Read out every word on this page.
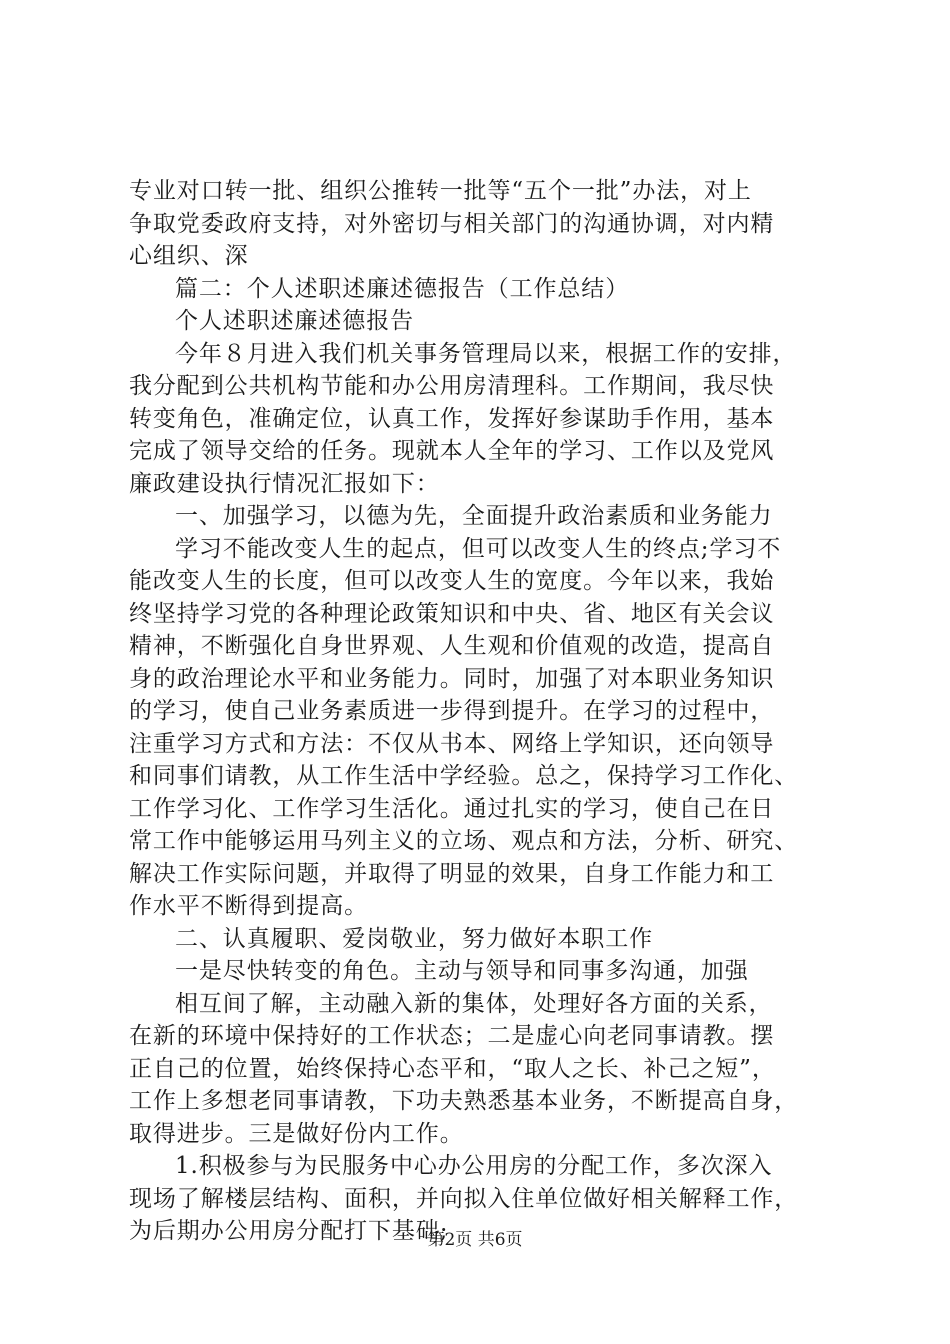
专业对口转一批、组织公推转一批等“五个一批”办法，对上
争取党委政府支持，对外密切与相关部门的沟通协调，对内精
心组织、深
篇二：个人述职述廉述德报告（工作总结）
个人述职述廉述德报告
今年８月进入我们机关事务管理局以来，根据工作的安排，
我分配到公共机构节能和办公用房清理科。工作期间，我尽快
转变角色，准确定位，认真工作，发挥好参谋助手作用，基本
完成了领导交给的任务。现就本人全年的学习、工作以及党风
廉政建设执行情况汇报如下：
一、加强学习，以德为先，全面提升政治素质和业务能力
学习不能改变人生的起点，但可以改变人生的终点;学习不
能改变人生的长度，但可以改变人生的宽度。今年以来，我始
终坚持学习党的各种理论政策知识和中央、省、地区有关会议
精神，不断强化自身世界观、人生观和价值观的改造，提高自
身的政治理论水平和业务能力。同时，加强了对本职业务知识
的学习，使自己业务素质进一步得到提升。在学习的过程中，
注重学习方式和方法：不仅从书本、网络上学知识，还向领导
和同事们请教，从工作生活中学经验。总之，保持学习工作化、
工作学习化、工作学习生活化。通过扎实的学习，使自己在日
常工作中能够运用马列主义的立场、观点和方法，分析、研究、
解决工作实际问题，并取得了明显的效果，自身工作能力和工
作水平不断得到提高。
二、认真履职、爱岗敬业，努力做好本职工作
一是尽快转变的角色。主动与领导和同事多沟通，加强
相互间了解，主动融入新的集体，处理好各方面的关系，
在新的环境中保持好的工作状态；二是虚心向老同事请教。摆
正自己的位置，始终保持心态平和，“取人之长、补己之短”，
工作上多想老同事请教，下功夫熟悉基本业务，不断提高自身，
取得进步。三是做好份内工作。
1.积极参与为民服务中心办公用房的分配工作，多次深入
现场了解楼层结构、面积，并向拟入住单位做好相关解释工作，
为后期办公用房分配打下基础;
第2页 共6页
